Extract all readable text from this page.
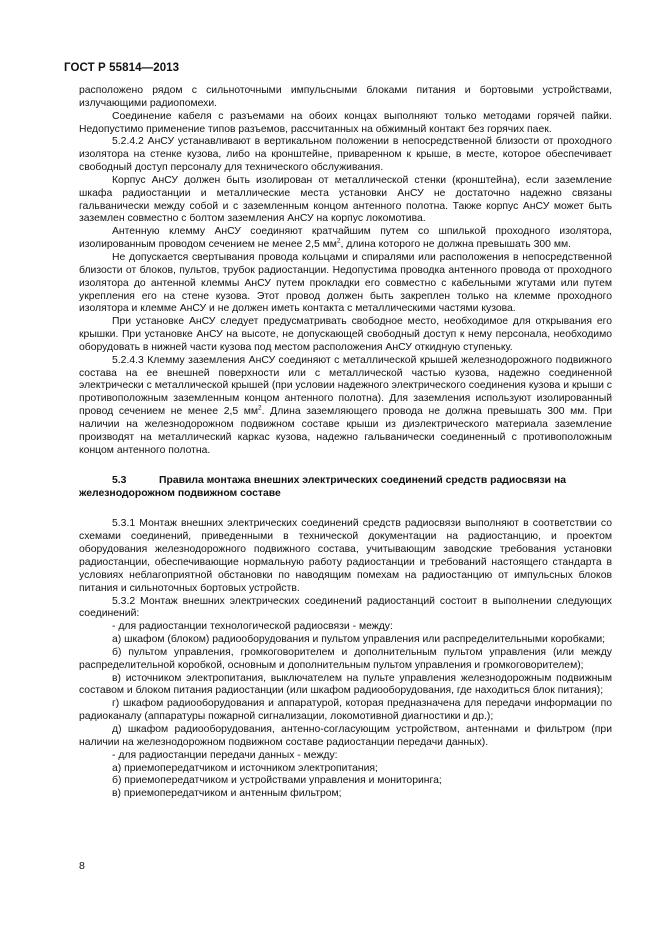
ГОСТ Р 55814—2013

расположено рядом с сильноточными импульсными блоками питания и бортовыми устройствами, излучающими радиопомехи.

Соединение кабеля с разъемами на обоих концах выполняют только методами горячей пайки. Недопустимо применение типов разъемов, рассчитанных на обжимный контакт без горячих паек.

5.2.4.2 АнСУ устанавливают в вертикальном положении в непосредственной близости от проходного изолятора на стенке кузова, либо на кронштейне, приваренном к крыше, в месте, которое обеспечивает свободный доступ персоналу для технического обслуживания.

Корпус АнСУ должен быть изолирован от металлической стенки (кронштейна), если заземление шкафа радиостанции и металлические места установки АнСУ не достаточно надежно связаны гальванически между собой и с заземленным концом антенного полотна. Также корпус АнСУ может быть заземлен совместно с болтом заземления АнСУ на корпус локомотива.

Антенную клемму АнСУ соединяют кратчайшим путем со шпилькой проходного изолятора, изолированным проводом сечением не менее 2,5 $мм^2$, длина которого не должна превышать 300 мм.

Не допускается свертывания провода кольцами и спиралями или расположения в непосредственной близости от блоков, пультов, трубок радиостанции. Недопустима проводка антенного провода от проходного изолятора до антенной клеммы АнСУ путем прокладки его совместно с кабельными жгутами или путем укрепления его на стене кузова. Этот провод должен быть закреплен только на клемме проходного изолятора и клемме АнСУ и не должен иметь контакта с металлическими частями кузова.

При установке АнСУ следует предусматривать свободное место, необходимое для открывания его крышки. При установке АнСУ на высоте, не допускающей свободный доступ к нему персонала, необходимо оборудовать в нижней части кузова под местом расположения АнСУ откидную ступеньку.

5.2.4.3 Клемму заземления АнСУ соединяют с металлической крышей железнодорожного подвижного состава на ее внешней поверхности или с металлической частью кузова, надежно соединенной электрически с металлической крышей (при условии надежного электрического соединения кузова и крыши с противоположным заземленным концом антенного полотна). Для заземления используют изолированный провод сечением не менее 2,5 $мм^2$. Длина заземляющего провода не должна превышать 300 мм. При наличии на железнодорожном подвижном составе крыши из диэлектрического материала заземление производят на металлический каркас кузова, надежно гальванически соединенный с противоположным концом антенного полотна.

5.3	Правила монтажа внешних электрических соединений средств радиосвязи на железнодорожном подвижном составе

5.3.1 Монтаж внешних электрических соединений средств радиосвязи выполняют в соответствии со схемами соединений, приведенными в технической документации на радиостанцию, и проектом оборудования железнодорожного подвижного состава, учитывающим заводские требования установки радиостанции, обеспечивающие нормальную работу радиостанции и требований настоящего стандарта в условиях неблагоприятной обстановки по наводящим помехам на радиостанцию от импульсных блоков питания и сильноточных бортовых устройств.

5.3.2 Монтаж внешних электрических соединений радиостанций состоит в выполнении следующих соединений:

- для радиостанции технологической радиосвязи - между:

а) шкафом (блоком) радиооборудования и пультом управления или распределительными коробками;

б) пультом управления, громкоговорителем и дополнительным пультом управления (или между распределительной коробкой, основным и дополнительным пультом управления и громкоговорителем);

в) источником электропитания, выключателем на пульте управления железнодорожным подвижным составом и блоком питания радиостанции (или шкафом радиооборудования, где находиться блок питания);

г) шкафом радиооборудования и аппаратурой, которая предназначена для передачи информации по радиоканалу (аппаратуры пожарной сигнализации, локомотивной диагностики и др.);

д) шкафом радиооборудования, антенно-согласующим устройством, антеннами и фильтром (при наличии на железнодорожном подвижном составе радиостанции передачи данных).

- для радиостанции передачи данных - между:

а) приемопередатчиком и источником электропитания;

б) приемопередатчиком и устройствами управления и мониторинга;

в) приемопередатчиком и антенным фильтром;

8
